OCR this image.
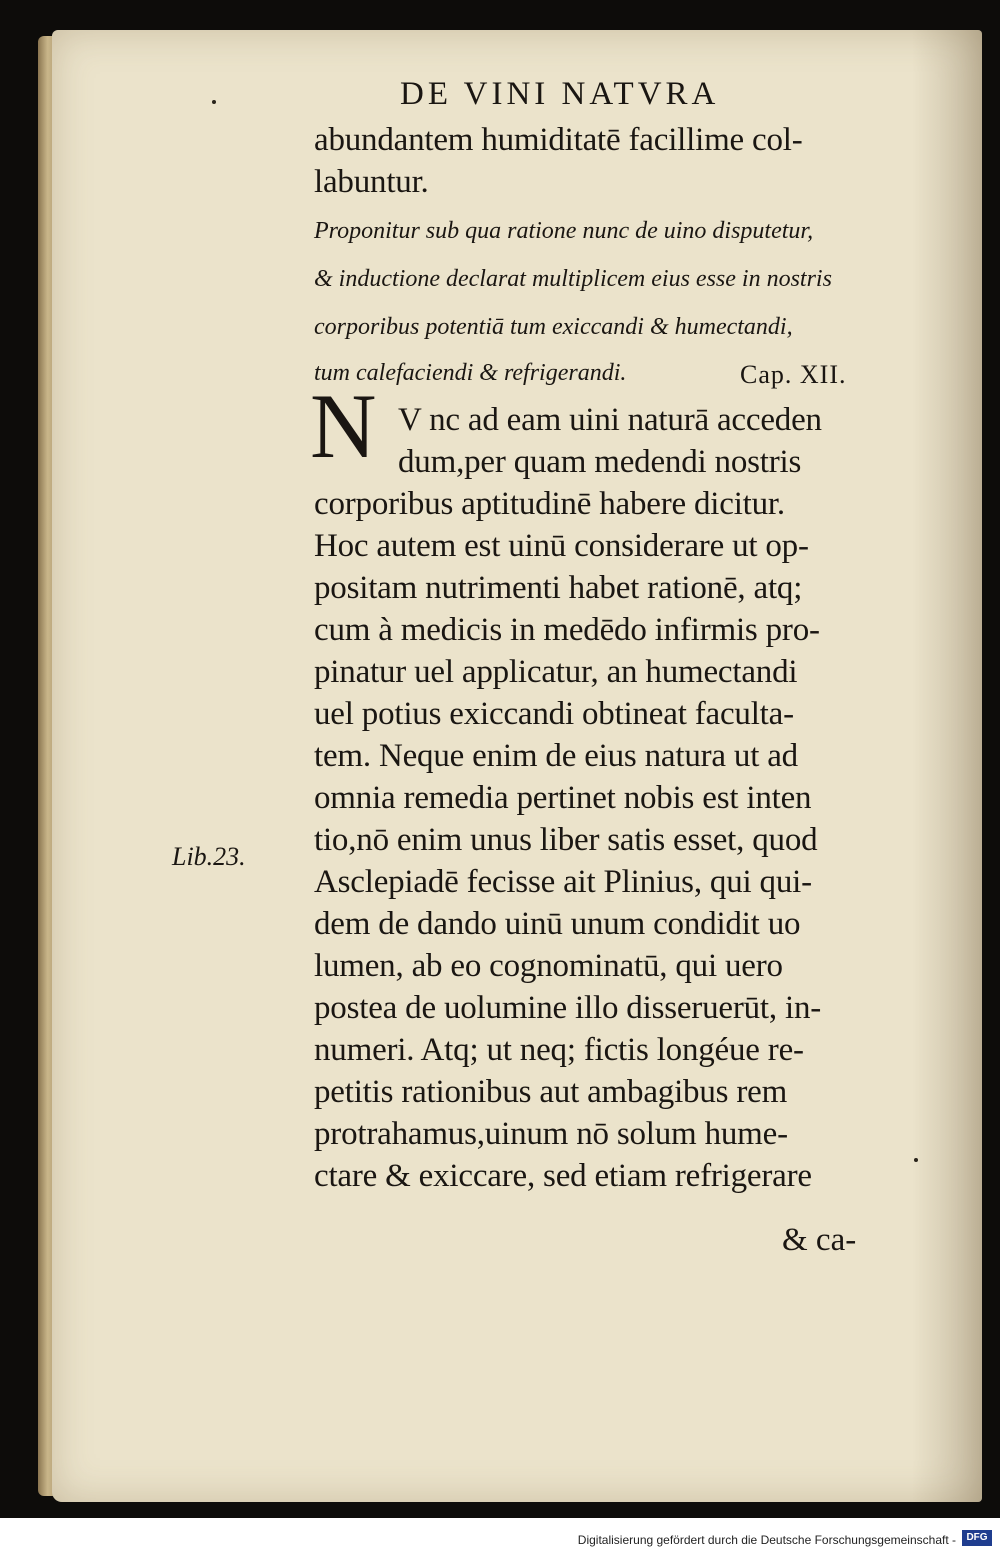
DE VINI NATVRA
abundantem humiditatē facillime col-
labuntur.
Proponitur sub qua ratione nunc de uino disputetur,
& inductione declarat multiplicem eius esse in nostris
corporibus potentiā tum exiccandi & humectandi,
tum calefaciendi & refrigerandi.	Cap. XII.
N V nc ad eam uini naturā acceden
dum,per quam medendi nostris
corporibus aptitudinē habere dicitur.
Hoc autem est uinū considerare ut op-
positam nutrimenti habet rationē, atq;
cum à medicis in medēdo infirmis pro-
pinatur uel applicatur, an humectandi
uel potius exiccandi obtineat faculta-
tem. Neque enim de eius natura ut ad
omnia remedia pertinet nobis est inten
tio,nō enim unus liber satis esset, quod
Asclepiadē fecisse ait Plinius, qui qui-
dem de dando uinū unum condidit uo
lumen, ab eo cognominatū, qui uero
postea de uolumine illo disseruerūt, in-
numeri. Atq; ut neq; fictis longéue re-
petitis rationibus aut ambagibus rem
protrahamus,uinum nō solum hume-
ctare & exiccare, sed etiam refrigerare
& ca-
Lib.23.
Digitalisierung gefördert durch die Deutsche Forschungsgemeinschaft -	DFG
